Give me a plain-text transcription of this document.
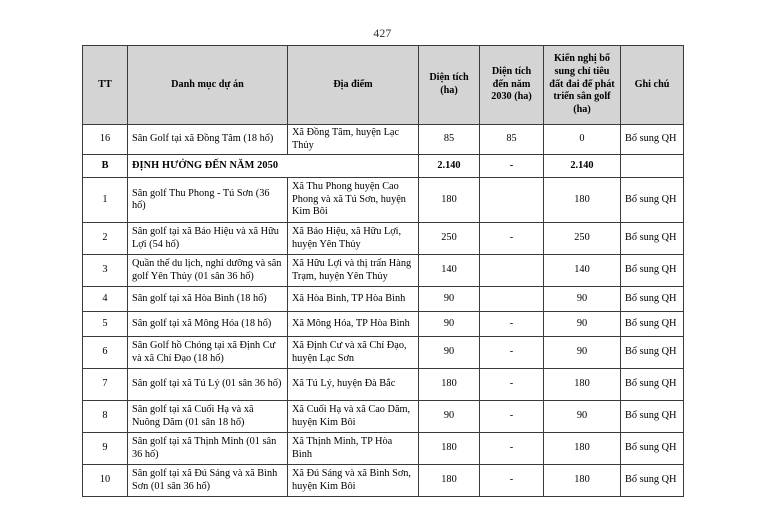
427
TT	Danh mục dự án	Địa điểm	Diện tích (ha)	Diện tích đến năm 2030 (ha)	Kiến nghị bổ sung chỉ tiêu đất đai để phát triển sân golf (ha)	Ghi chú
16	Sân Golf tại xã Đồng Tâm (18 hố)	Xã Đồng Tâm, huyện Lạc Thủy	85	85	0	Bổ sung QH
B	ĐỊNH HƯỚNG ĐẾN NĂM 2050		2.140	-	2.140	
1	Sân golf Thu Phong - Tú Sơn (36 hố)	Xã Thu Phong huyện Cao Phong và xã Tú Sơn, huyện Kim Bôi	180		180	Bổ sung QH
2	Sân golf tại xã Bảo Hiệu và xã Hữu Lợi (54 hố)	Xã Bảo Hiệu, xã Hữu Lợi, huyện Yên Thủy	250	-	250	Bổ sung QH
3	Quần thể du lịch, nghỉ dưỡng và sân golf Yên Thủy (01 sân 36 hố)	Xã Hữu Lợi và thị trấn Hàng Trạm, huyện Yên Thủy	140		140	Bổ sung QH
4	Sân golf tại xã Hòa Bình (18 hố)	Xã Hòa Bình, TP Hòa Bình	90		90	Bổ sung QH
5	Sân golf tại xã Mông Hóa (18 hố)	Xã Mông Hóa, TP Hòa Bình	90	-	90	Bổ sung QH
6	Sân Golf hồ Chóng tại xã Định Cư và xã Chí Đạo (18 hố)	Xã Định Cư và xã Chí Đạo, huyện Lạc Sơn	90	-	90	Bổ sung QH
7	Sân golf tại xã Tú Lý (01 sân 36 hố)	Xã Tú Lý, huyện Đà Bắc	180	-	180	Bổ sung QH
8	Sân golf tại xã Cuối Hạ và xã Nuông Dăm (01 sân 18 hố)	Xã Cuối Hạ và xã Cao Dăm, huyện Kim Bôi	90	-	90	Bổ sung QH
9	Sân golf tại xã Thịnh Minh (01 sân 36 hố)	Xã Thịnh Minh, TP Hòa Bình	180	-	180	Bổ sung QH
10	Sân golf tại xã Đú Sáng và xã Bình Sơn (01 sân 36 hố)	Xã Đú Sáng và xã Bình Sơn, huyện Kim Bôi	180	-	180	Bổ sung QH
